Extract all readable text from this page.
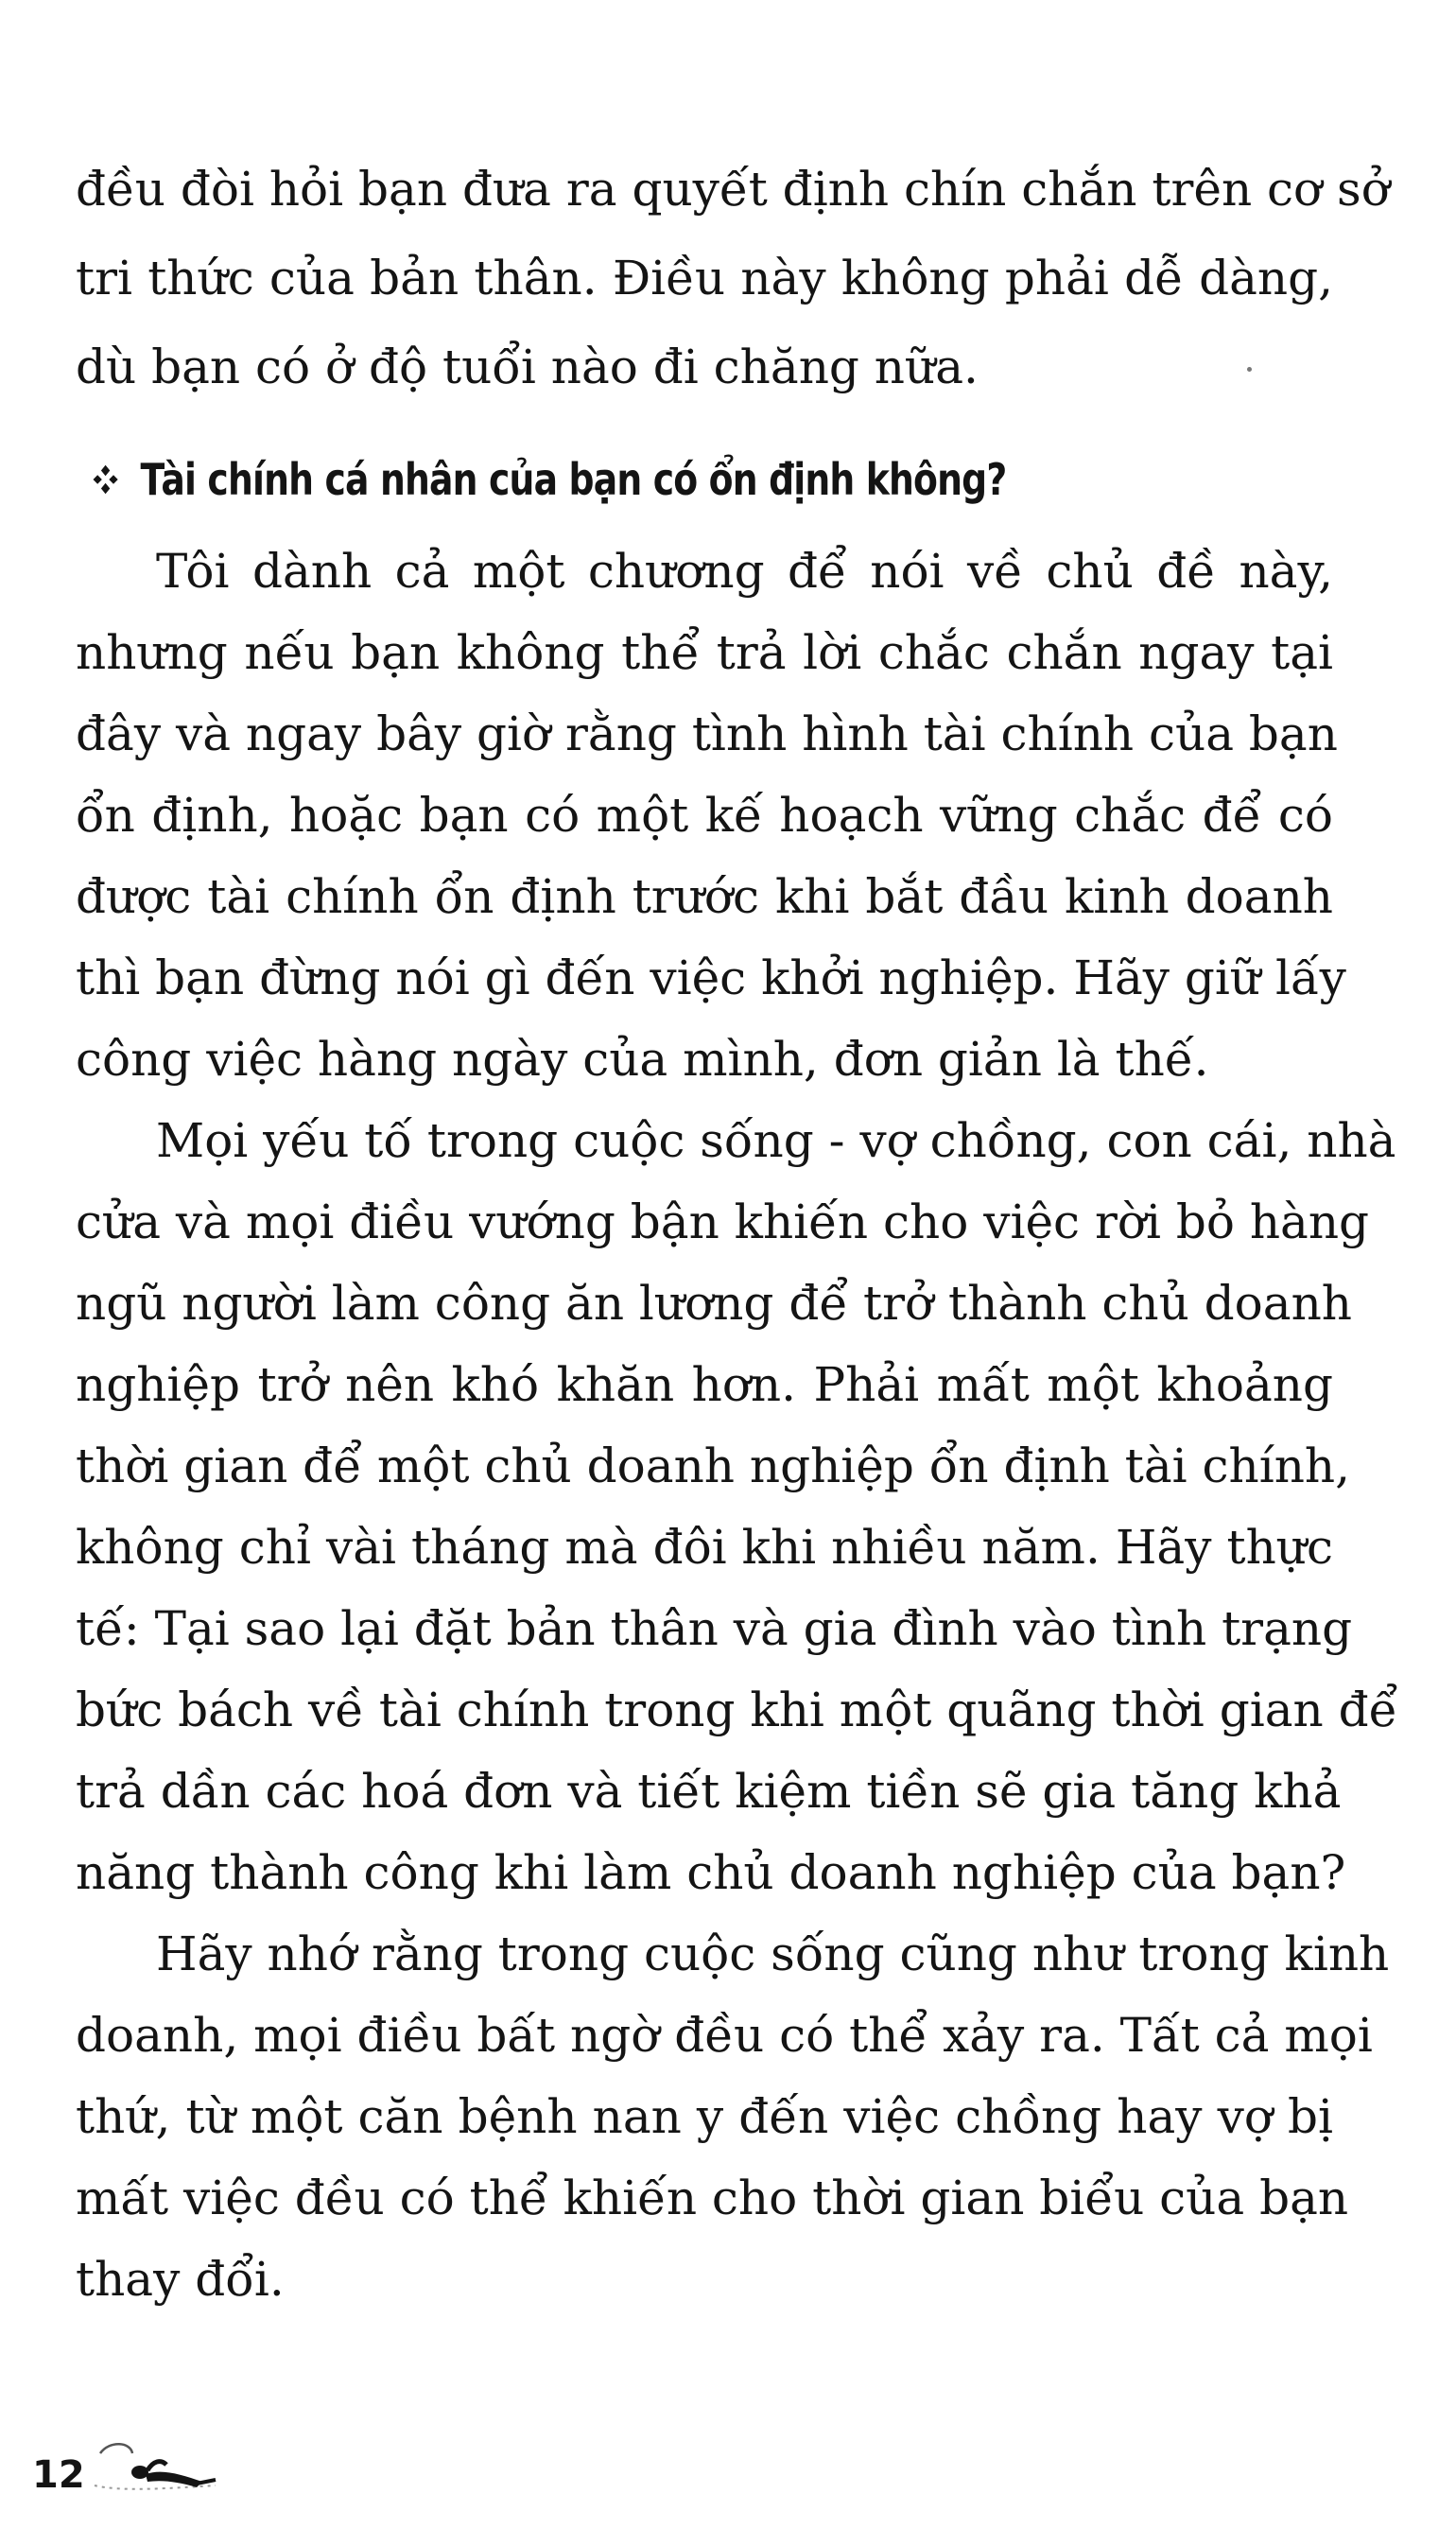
đều đòi hỏi bạn đưa ra quyết định chín chắn trên cơ sở
tri thức của bản thân. Điều này không phải dễ dàng,
dù bạn có ở độ tuổi nào đi chăng nữa.
Tài chính cá nhân của bạn có ổn định không?
Tôi dành cả một chương để nói về chủ đề này,
nhưng nếu bạn không thể trả lời chắc chắn ngay tại
đây và ngay bây giờ rằng tình hình tài chính của bạn
ổn định, hoặc bạn có một kế hoạch vững chắc để có
được tài chính ổn định trước khi bắt đầu kinh doanh
thì bạn đừng nói gì đến việc khởi nghiệp. Hãy giữ lấy
công việc hàng ngày của mình, đơn giản là thế.
Mọi yếu tố trong cuộc sống - vợ chồng, con cái, nhà
cửa và mọi điều vướng bận khiến cho việc rời bỏ hàng
ngũ người làm công ăn lương để trở thành chủ doanh
nghiệp trở nên khó khăn hơn. Phải mất một khoảng
thời gian để một chủ doanh nghiệp ổn định tài chính,
không chỉ vài tháng mà đôi khi nhiều năm. Hãy thực
tế: Tại sao lại đặt bản thân và gia đình vào tình trạng
bức bách về tài chính trong khi một quãng thời gian để
trả dần các hoá đơn và tiết kiệm tiền sẽ gia tăng khả
năng thành công khi làm chủ doanh nghiệp của bạn?
Hãy nhớ rằng trong cuộc sống cũng như trong kinh
doanh, mọi điều bất ngờ đều có thể xảy ra. Tất cả mọi
thứ, từ một căn bệnh nan y đến việc chồng hay vợ bị
mất việc đều có thể khiến cho thời gian biểu của bạn
thay đổi.
12
